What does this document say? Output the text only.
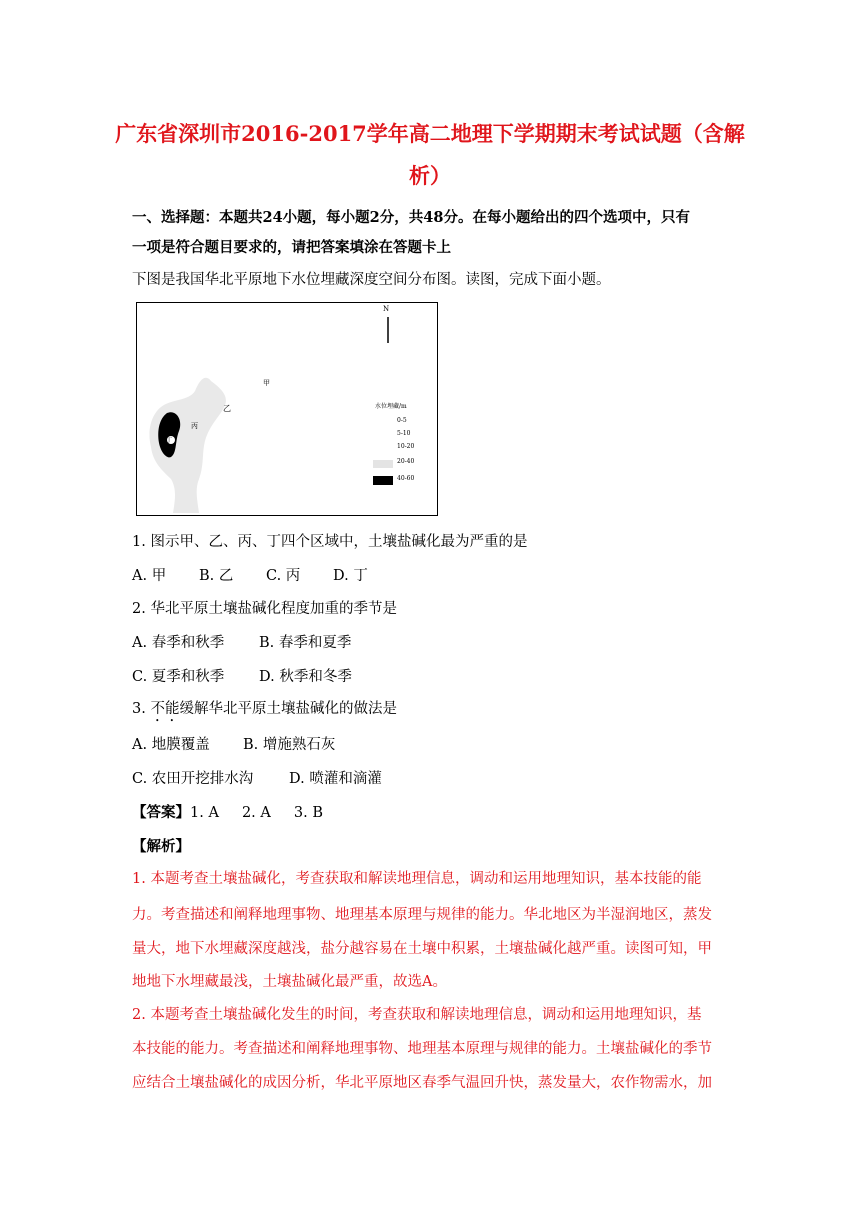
广东省深圳市2016-2017学年高二地理下学期期末考试试题（含解
析）
一、选择题：本题共24小题，每小题2分，共48分。在每小题给出的四个选项中，只有
一项是符合题目要求的，请把答案填涂在答题卡上
下图是我国华北平原地下水位埋藏深度空间分布图。读图，完成下面小题。
N
甲
乙
丙
丁
水位埋藏/m
0-5
5-10
10-20
20-40
40-60
1. 图示甲、乙、丙、丁四个区域中，土壤盐碱化最为严重的是
A. 甲 B. 乙 C. 丙 D. 丁
2. 华北平原土壤盐碱化程度加重的季节是
A. 春季和秋季 B. 春季和夏季
C. 夏季和秋季 D. 秋季和冬季
3. 不能缓解华北平原土壤盐碱化的做法是
A. 地膜覆盖 B. 增施熟石灰
C. 农田开挖排水沟 D. 喷灌和滴灌
【答案】1. A     2. A     3. B
【解析】
1. 本题考查土壤盐碱化，考查获取和解读地理信息，调动和运用地理知识，基本技能的能
力。考查描述和阐释地理事物、地理基本原理与规律的能力。华北地区为半湿润地区，蒸发
量大，地下水埋藏深度越浅，盐分越容易在土壤中积累，土壤盐碱化越严重。读图可知，甲
地地下水埋藏最浅，土壤盐碱化最严重，故选A。
2. 本题考查土壤盐碱化发生的时间，考查获取和解读地理信息，调动和运用地理知识，基
本技能的能力。考查描述和阐释地理事物、地理基本原理与规律的能力。土壤盐碱化的季节
应结合土壤盐碱化的成因分析，华北平原地区春季气温回升快，蒸发量大，农作物需水，加
